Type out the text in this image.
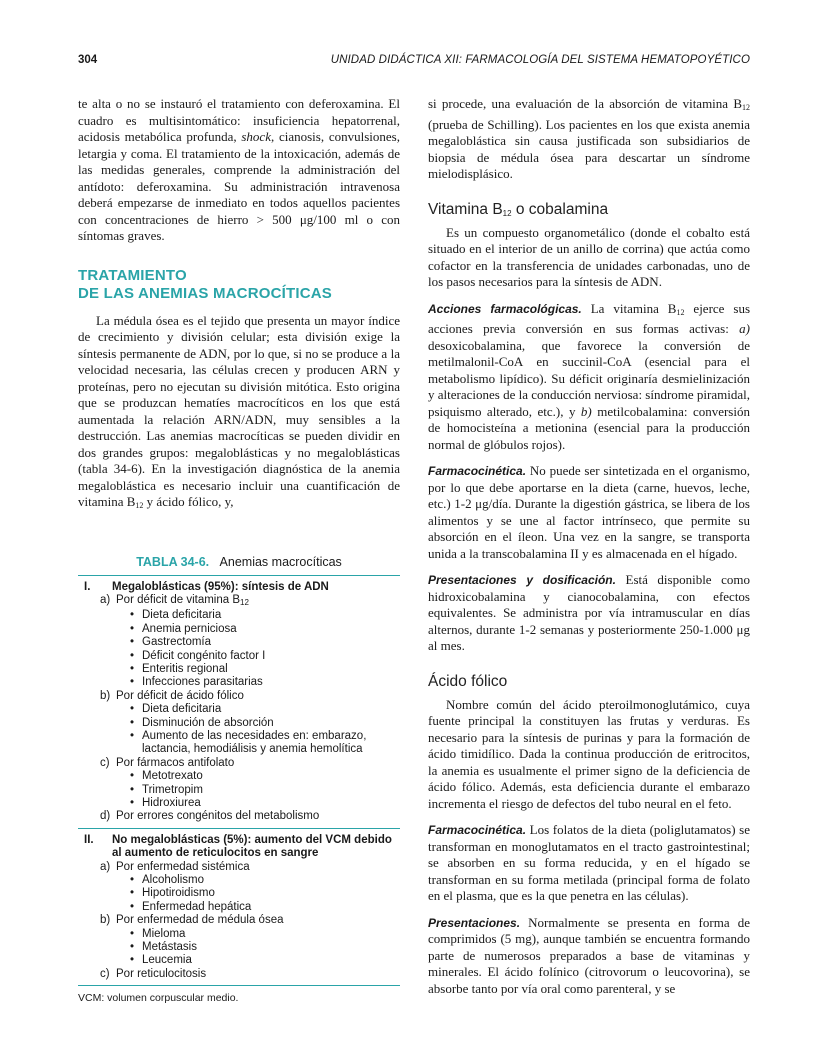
304	UNIDAD DIDÁCTICA XII: FARMACOLOGÍA DEL SISTEMA HEMATOPOYÉTICO

te alta o no se instauró el tratamiento con deferoxamina. El cuadro es multisintomático: insuficiencia hepatorrenal, acidosis metabólica profunda, shock, cianosis, convulsiones, letargia y coma. El tratamiento de la intoxicación, además de las medidas generales, comprende la administración del antídoto: deferoxamina. Su administración intravenosa deberá empezarse de inmediato en todos aquellos pacientes con concentraciones de hierro > 500 μg/100 ml o con síntomas graves.

TRATAMIENTO
DE LAS ANEMIAS MACROCÍTICAS

La médula ósea es el tejido que presenta un mayor índice de crecimiento y división celular; esta división exige la síntesis permanente de ADN, por lo que, si no se produce a la velocidad necesaria, las células crecen y producen ARN y proteínas, pero no ejecutan su división mitótica. Esto origina que se produzcan hematíes macrocíticos en los que está aumentada la relación ARN/ADN, muy sensibles a la destrucción. Las anemias macrocíticas se pueden dividir en dos grandes grupos: megaloblásticas y no megaloblásticas (tabla 34-6). En la investigación diagnóstica de la anemia megaloblástica es necesario incluir una cuantificación de vitamina $B_{12}$ y ácido fólico, y,

TABLA 34-6. Anemias macrocíticas
I.	Megaloblásticas (95%): síntesis de ADN
a) Por déficit de vitamina $B_{12}$
• Dieta deficitaria
• Anemia perniciosa
• Gastrectomía
• Déficit congénito factor I
• Enteritis regional
• Infecciones parasitarias
b) Por déficit de ácido fólico
• Dieta deficitaria
• Disminución de absorción
• Aumento de las necesidades en: embarazo, lactancia, hemodiálisis y anemia hemolítica
c) Por fármacos antifolato
• Metotrexato
• Trimetropim
• Hidroxiurea
d) Por errores congénitos del metabolismo
II.	No megaloblásticas (5%): aumento del VCM debido al aumento de reticulocitos en sangre
a) Por enfermedad sistémica
• Alcoholismo
• Hipotiroidismo
• Enfermedad hepática
b) Por enfermedad de médula ósea
• Mieloma
• Metástasis
• Leucemia
c) Por reticulocitosis
VCM: volumen corpuscular medio.

si procede, una evaluación de la absorción de vitamina $B_{12}$ (prueba de Schilling). Los pacientes en los que exista anemia megaloblástica sin causa justificada son subsidiarios de biopsia de médula ósea para descartar un síndrome mielodisplásico.

Vitamina $B_{12}$ o cobalamina

Es un compuesto organometálico (donde el cobalto está situado en el interior de un anillo de corrina) que actúa como cofactor en la transferencia de unidades carbonadas, uno de los pasos necesarios para la síntesis de ADN.

Acciones farmacológicas. La vitamina $B_{12}$ ejerce sus acciones previa conversión en sus formas activas: a) desoxicobalamina, que favorece la conversión de metilmalonil-CoA en succinil-CoA (esencial para el metabolismo lipídico). Su déficit originaría desmielinización y alteraciones de la conducción nerviosa: síndrome piramidal, psiquismo alterado, etc.), y b) metilcobalamina: conversión de homocisteína a metionina (esencial para la producción normal de glóbulos rojos).

Farmacocinética. No puede ser sintetizada en el organismo, por lo que debe aportarse en la dieta (carne, huevos, leche, etc.) 1-2 μg/día. Durante la digestión gástrica, se libera de los alimentos y se une al factor intrínseco, que permite su absorción en el íleon. Una vez en la sangre, se transporta unida a la transcobalamina II y es almacenada en el hígado.

Presentaciones y dosificación. Está disponible como hidroxicobalamina y cianocobalamina, con efectos equivalentes. Se administra por vía intramuscular en días alternos, durante 1-2 semanas y posteriormente 250-1.000 μg al mes.

Ácido fólico

Nombre común del ácido pteroilmonoglutámico, cuya fuente principal la constituyen las frutas y verduras. Es necesario para la síntesis de purinas y para la formación de ácido timidílico. Dada la continua producción de eritrocitos, la anemia es usualmente el primer signo de la deficiencia de ácido fólico. Además, esta deficiencia durante el embarazo incrementa el riesgo de defectos del tubo neural en el feto.

Farmacocinética. Los folatos de la dieta (poliglutamatos) se transforman en monoglutamatos en el tracto gastrointestinal; se absorben en su forma reducida, y en el hígado se transforman en su forma metilada (principal forma de folato en el plasma, que es la que penetra en las células).

Presentaciones. Normalmente se presenta en forma de comprimidos (5 mg), aunque también se encuentra formando parte de numerosos preparados a base de vitaminas y minerales. El ácido folínico (citrovorum o leucovorina), se absorbe tanto por vía oral como parenteral, y se
